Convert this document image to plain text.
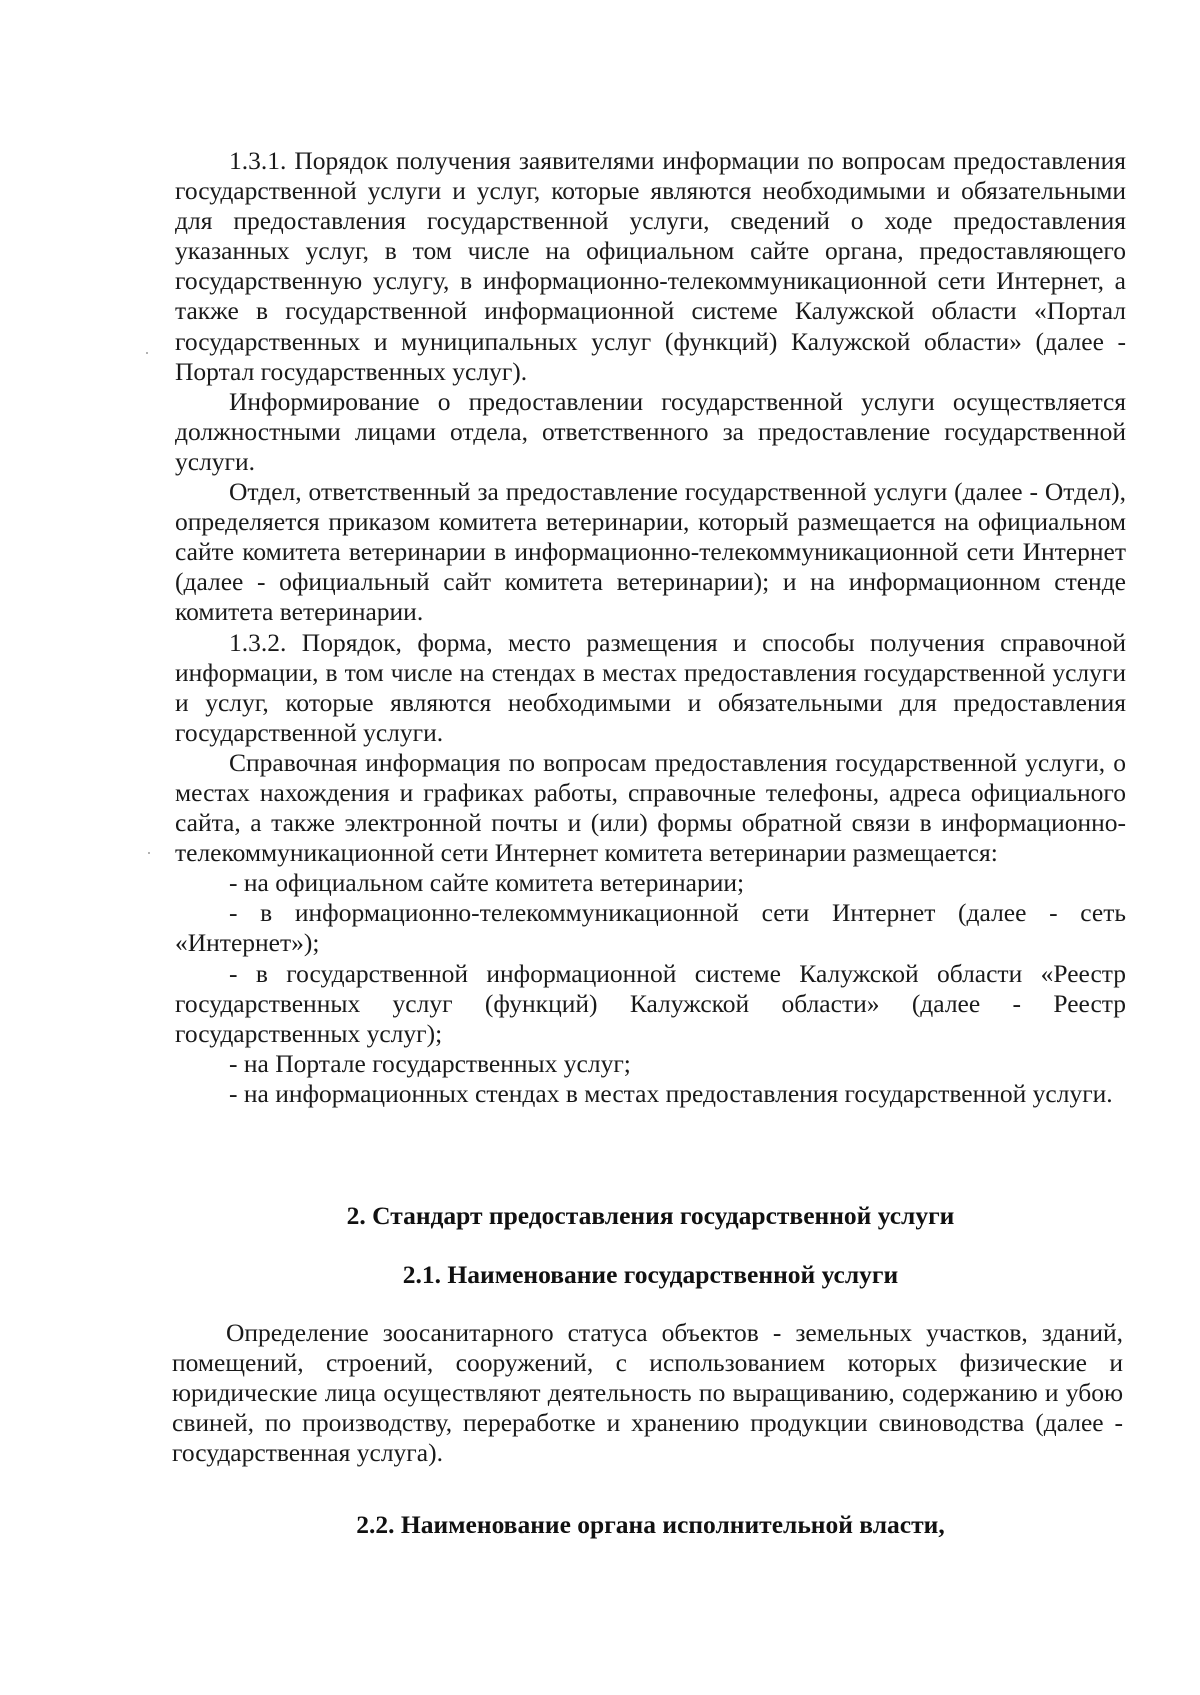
1.3.1. Порядок получения заявителями информации по вопросам предоставления государственной услуги и услуг, которые являются необходимыми и обязательными для предоставления государственной услуги, сведений о ходе предоставления указанных услуг, в том числе на официальном сайте органа, предоставляющего государственную услугу, в информационно-телекоммуникационной сети Интернет, а также в государственной информационной системе Калужской области «Портал государственных и муниципальных услуг (функций) Калужской области» (далее - Портал государственных услуг).

Информирование о предоставлении государственной услуги осуществляется должностными лицами отдела, ответственного за предоставление государственной услуги.

Отдел, ответственный за предоставление государственной услуги (далее - Отдел), определяется приказом комитета ветеринарии, который размещается на официальном сайте комитета ветеринарии в информационно-телекоммуникационной сети Интернет (далее - официальный сайт комитета ветеринарии); и на информационном стенде комитета ветеринарии.

1.3.2. Порядок, форма, место размещения и способы получения справочной информации, в том числе на стендах в местах предоставления государственной услуги и услуг, которые являются необходимыми и обязательными для предоставления государственной услуги.

Справочная информация по вопросам предоставления государственной услуги, о местах нахождения и графиках работы, справочные телефоны, адреса официального сайта, а также электронной почты и (или) формы обратной связи в информационно-телекоммуникационной сети Интернет комитета ветеринарии размещается:

- на официальном сайте комитета ветеринарии;

- в информационно-телекоммуникационной сети Интернет (далее - сеть «Интернет»);

- в государственной информационной системе Калужской области «Реестр государственных услуг (функций) Калужской области» (далее - Реестр государственных услуг);

- на Портале государственных услуг;

- на информационных стендах в местах предоставления государственной услуги.

2. Стандарт предоставления государственной услуги
2.1. Наименование государственной услуги

Определение зоосанитарного статуса объектов - земельных участков, зданий, помещений, строений, сооружений, с использованием которых физические и юридические лица осуществляют деятельность по выращиванию, содержанию и убою свиней, по производству, переработке и хранению продукции свиноводства (далее - государственная услуга).

2.2. Наименование органа исполнительной власти,
